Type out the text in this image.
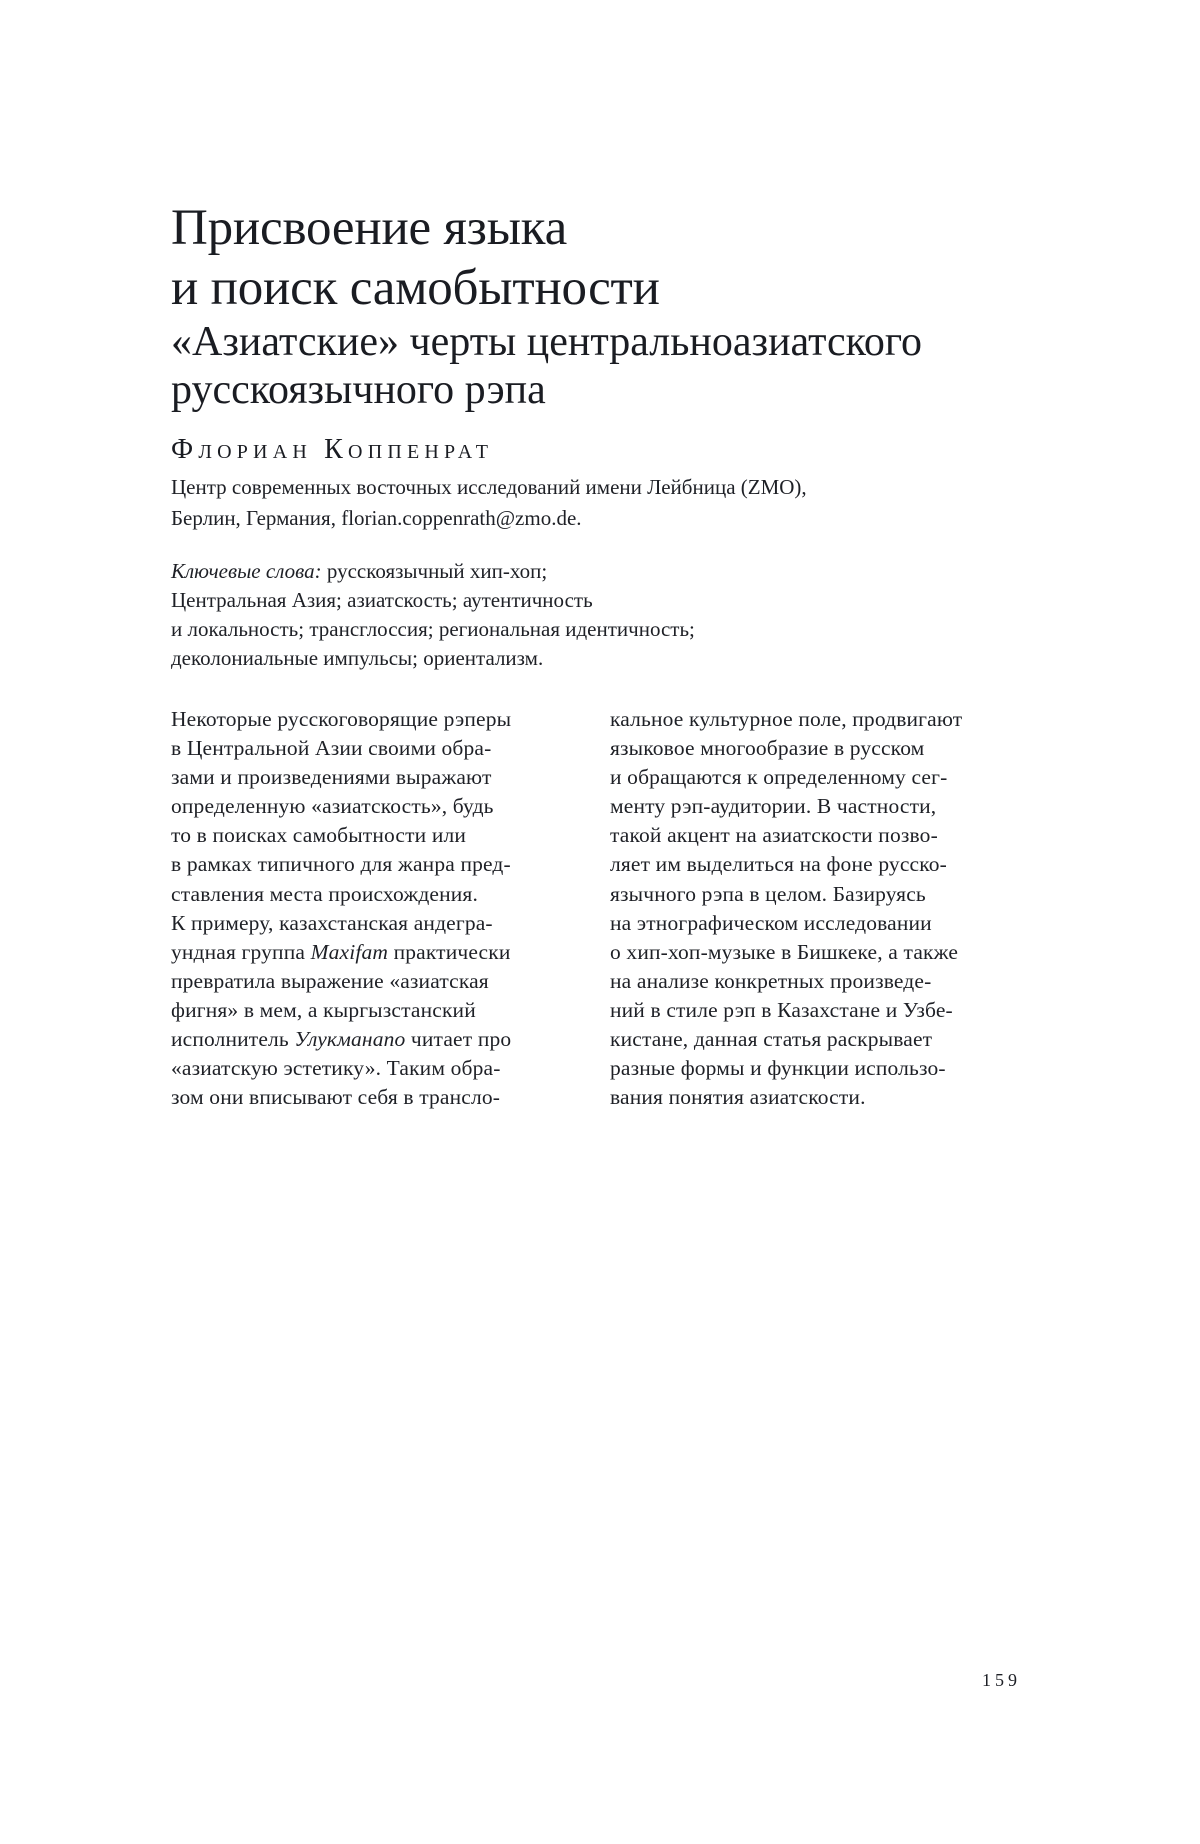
Присвоение языка
и поиск самобытности
«Азиатские» черты центральноазиатского
русскоязычного рэпа
Флориан Коппенрат
Центр современных восточных исследований имени Лейбница (ZMO),
Берлин, Германия, florian.coppenrath@zmo.de.
Ключевые слова: русскоязычный хип-хоп;
Центральная Азия; азиатскость; аутентичность
и локальность; трансглоссия; региональная идентичность;
деколониальные импульсы; ориентализм.
Некоторые русскоговорящие рэперы
в Центральной Азии своими обра-
зами и произведениями выражают
определенную «азиатскость», будь
то в поисках самобытности или
в рамках типичного для жанра пред-
ставления места происхождения.
К примеру, казахстанская андегра-
ундная группа Maxifam практически
превратила выражение «азиатская
фигня» в мем, а кыргызстанский
исполнитель Улукманапо читает про
«азиатскую эстетику». Таким обра-
зом они вписывают себя в трансло-
кальное культурное поле, продвигают
языковое многообразие в русском
и обращаются к определенному сег-
менту рэп-аудитории. В частности,
такой акцент на азиатскости позво-
ляет им выделиться на фоне русско-
язычного рэпа в целом. Базируясь
на этнографическом исследовании
о хип-хоп-музыке в Бишкеке, а также
на анализе конкретных произведе-
ний в стиле рэп в Казахстане и Узбе-
кистане, данная статья раскрывает
разные формы и функции использо-
вания понятия азиатскости.
159
